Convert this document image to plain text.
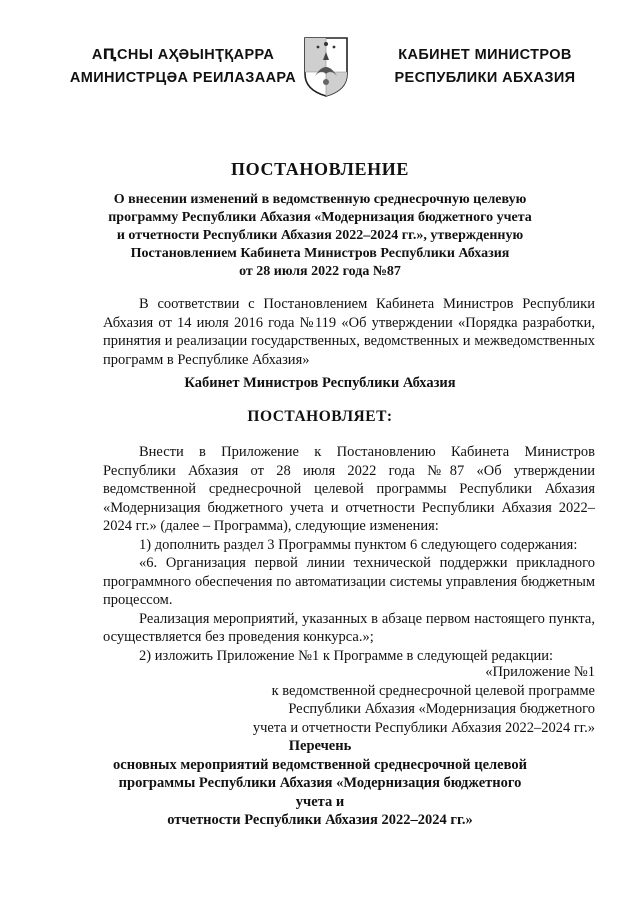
АԤСНЫ АҲӘЫНҬҚАРРА
АМИНИСТРЦӘА РЕИЛАЗААРА
КАБИНЕТ МИНИСТРОВ
РЕСПУБЛИКИ АБХАЗИЯ
ПОСТАНОВЛЕНИЕ
О внесении изменений в ведомственную среднесрочную целевую
программу Республики Абхазия «Модернизация бюджетного учета
и отчетности Республики Абхазия 2022–2024 гг.», утвержденную
Постановлением Кабинета Министров Республики Абхазия
от 28 июля 2022 года №87

В соответствии с Постановлением Кабинета Министров Республики Абхазия от 14 июля 2016 года №119 «Об утверждении «Порядка разработки, принятия и реализации государственных, ведомственных и межведомственных программ в Республике Абхазия»

Кабинет Министров Республики Абхазия
ПОСТАНОВЛЯЕТ:

Внести в Приложение к Постановлению Кабинета Министров Республики Абхазия от 28 июля 2022 года №87 «Об утверждении ведомственной среднесрочной целевой программы Республики Абхазия «Модернизация бюджетного учета и отчетности Республики Абхазия 2022–2024 гг.» (далее – Программа), следующие изменения:

1) дополнить раздел 3 Программы пунктом 6 следующего содержания:

«6. Организация первой линии технической поддержки прикладного программного обеспечения по автоматизации системы управления бюджетным процессом.

Реализация мероприятий, указанных в абзаце первом настоящего пункта, осуществляется без проведения конкурса.»;

2) изложить Приложение №1 к Программе в следующей редакции:

«Приложение №1
к ведомственной среднесрочной целевой программе
Республики Абхазия «Модернизация бюджетного
учета и отчетности Республики Абхазия 2022–2024 гг.»
Перечень
основных мероприятий ведомственной среднесрочной целевой
программы Республики Абхазия «Модернизация бюджетного учета и
отчетности Республики Абхазия 2022–2024 гг.»
